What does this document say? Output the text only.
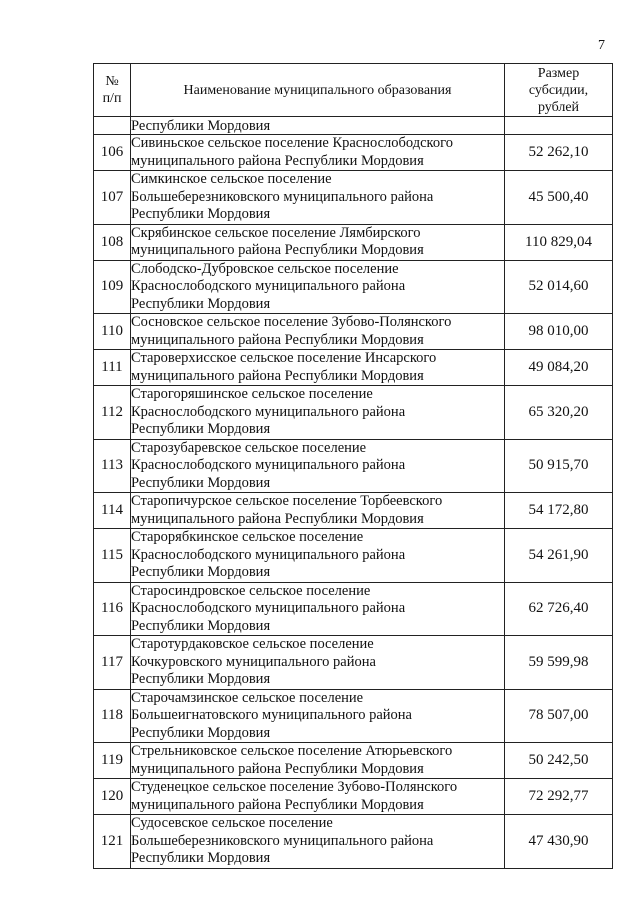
7
№
п/п	Наименование муниципального образования	Размер
субсидии,
рублей

	Республики Мордовия	
106	Сивиньское сельское поселение Краснослободского
муниципального района Республики Мордовия	52 262,10
107	Симкинское сельское поселение
Большеберезниковского муниципального района
Республики Мордовия	45 500,40
108	Скрябинское сельское поселение Лямбирского
муниципального района Республики Мордовия	110 829,04
109	Слободско-Дубровское сельское поселение
Краснослободского муниципального района
Республики Мордовия	52 014,60
110	Сосновское сельское поселение Зубово-Полянского
муниципального района Республики Мордовия	98 010,00
111	Староверхисское сельское поселение Инсарского
муниципального района Республики Мордовия	49 084,20
112	Старогоряшинское сельское поселение
Краснослободского муниципального района
Республики Мордовия	65 320,20
113	Старозубаревское сельское поселение
Краснослободского муниципального района
Республики Мордовия	50 915,70
114	Старопичурское сельское поселение Торбеевского
муниципального района Республики Мордовия	54 172,80
115	Старорябкинское сельское поселение
Краснослободского муниципального района
Республики Мордовия	54 261,90
116	Старосиндровское сельское поселение
Краснослободского муниципального района
Республики Мордовия	62 726,40
117	Старотурдаковское сельское поселение
Кочкуровского муниципального района
Республики Мордовия	59 599,98
118	Старочамзинское сельское поселение
Большеигнатовского муниципального района
Республики Мордовия	78 507,00
119	Стрельниковское сельское поселение Атюрьевского
муниципального района Республики Мордовия	50 242,50
120	Студенецкое сельское поселение Зубово-Полянского
муниципального района Республики Мордовия	72 292,77
121	Судосевское сельское поселение
Большеберезниковского муниципального района
Республики Мордовия	47 430,90
